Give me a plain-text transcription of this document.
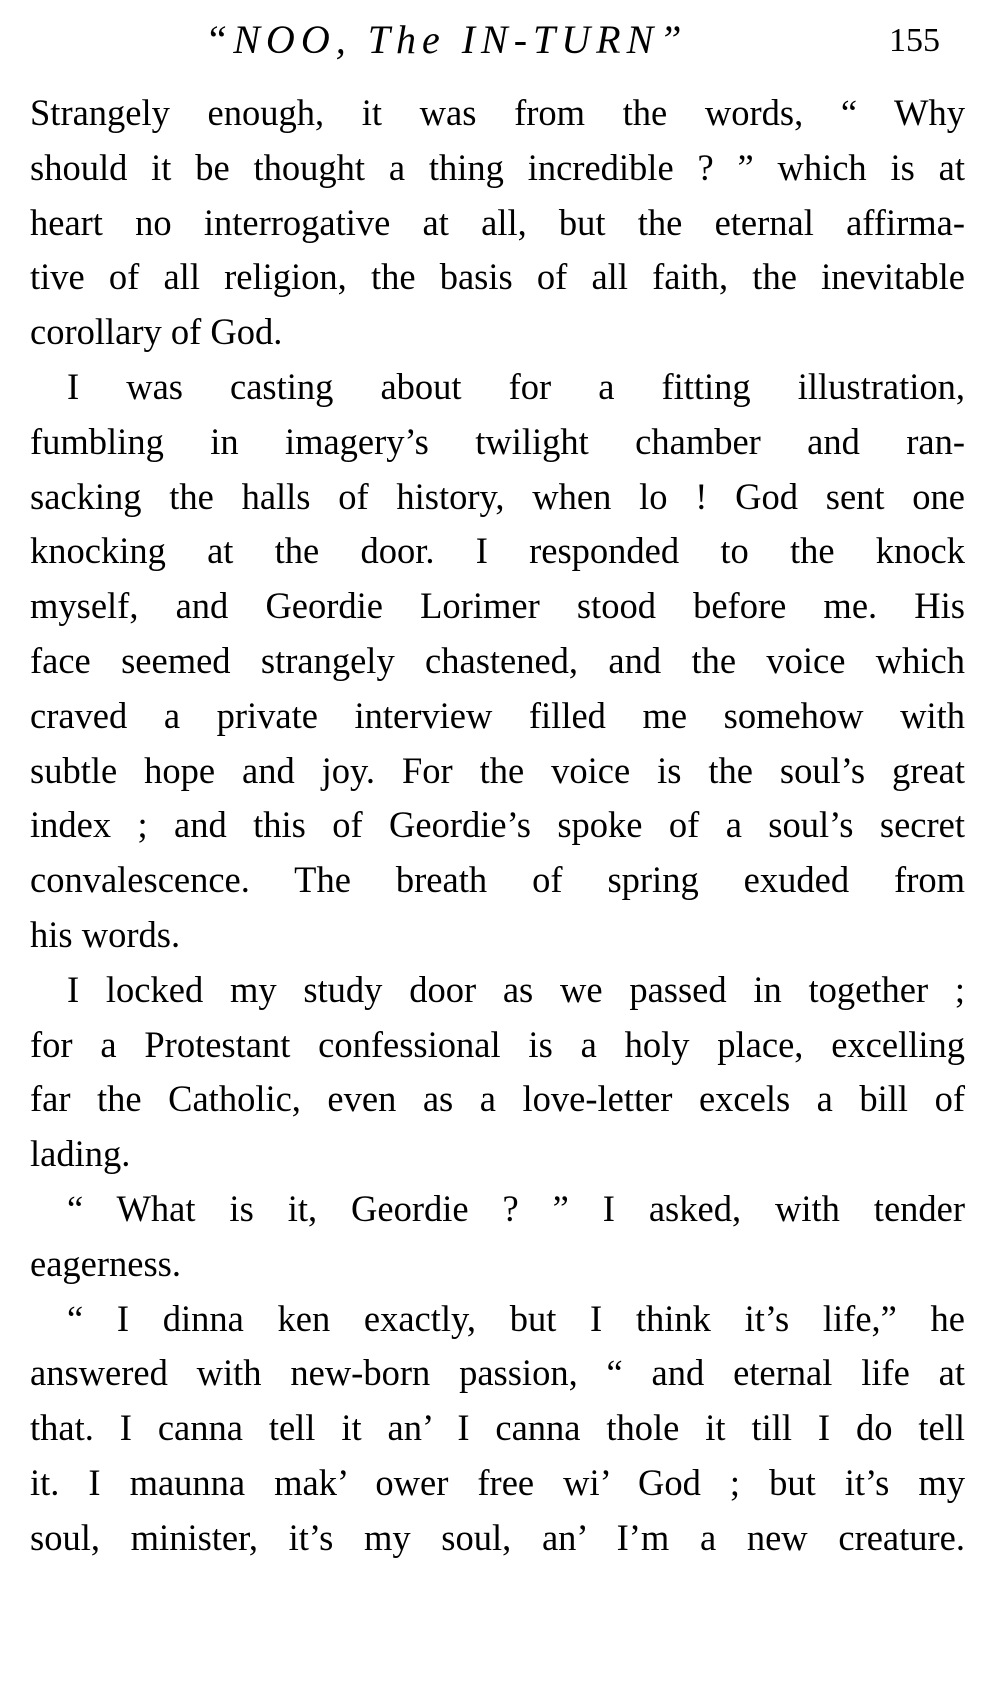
“NOO, The IN-TURN”	155
Strangely enough, it was from the words, “ Why
should it be thought a thing incredible ? ” which is at
heart no interrogative at all, but the eternal affirma-
tive of all religion, the basis of all faith, the inevitable
corollary of God.
I was casting about for a fitting illustration,
fumbling in imagery’s twilight chamber and ran-
sacking the halls of history, when lo ! God sent one
knocking at the door. I responded to the knock
myself, and Geordie Lorimer stood before me. His
face seemed strangely chastened, and the voice which
craved a private interview filled me somehow with
subtle hope and joy. For the voice is the soul’s great
index ; and this of Geordie’s spoke of a soul’s secret
convalescence. The breath of spring exuded from
his words.
I locked my study door as we passed in together ;
for a Protestant confessional is a holy place, excelling
far the Catholic, even as a love-letter excels a bill of
lading.
“ What is it, Geordie ? ” I asked, with tender
eagerness.
“ I dinna ken exactly, but I think it’s life,” he
answered with new-born passion, “ and eternal life at
that. I canna tell it an’ I canna thole it till I do tell
it. I maunna mak’ ower free wi’ God ; but it’s my
soul, minister, it’s my soul, an’ I’m a new creature.
